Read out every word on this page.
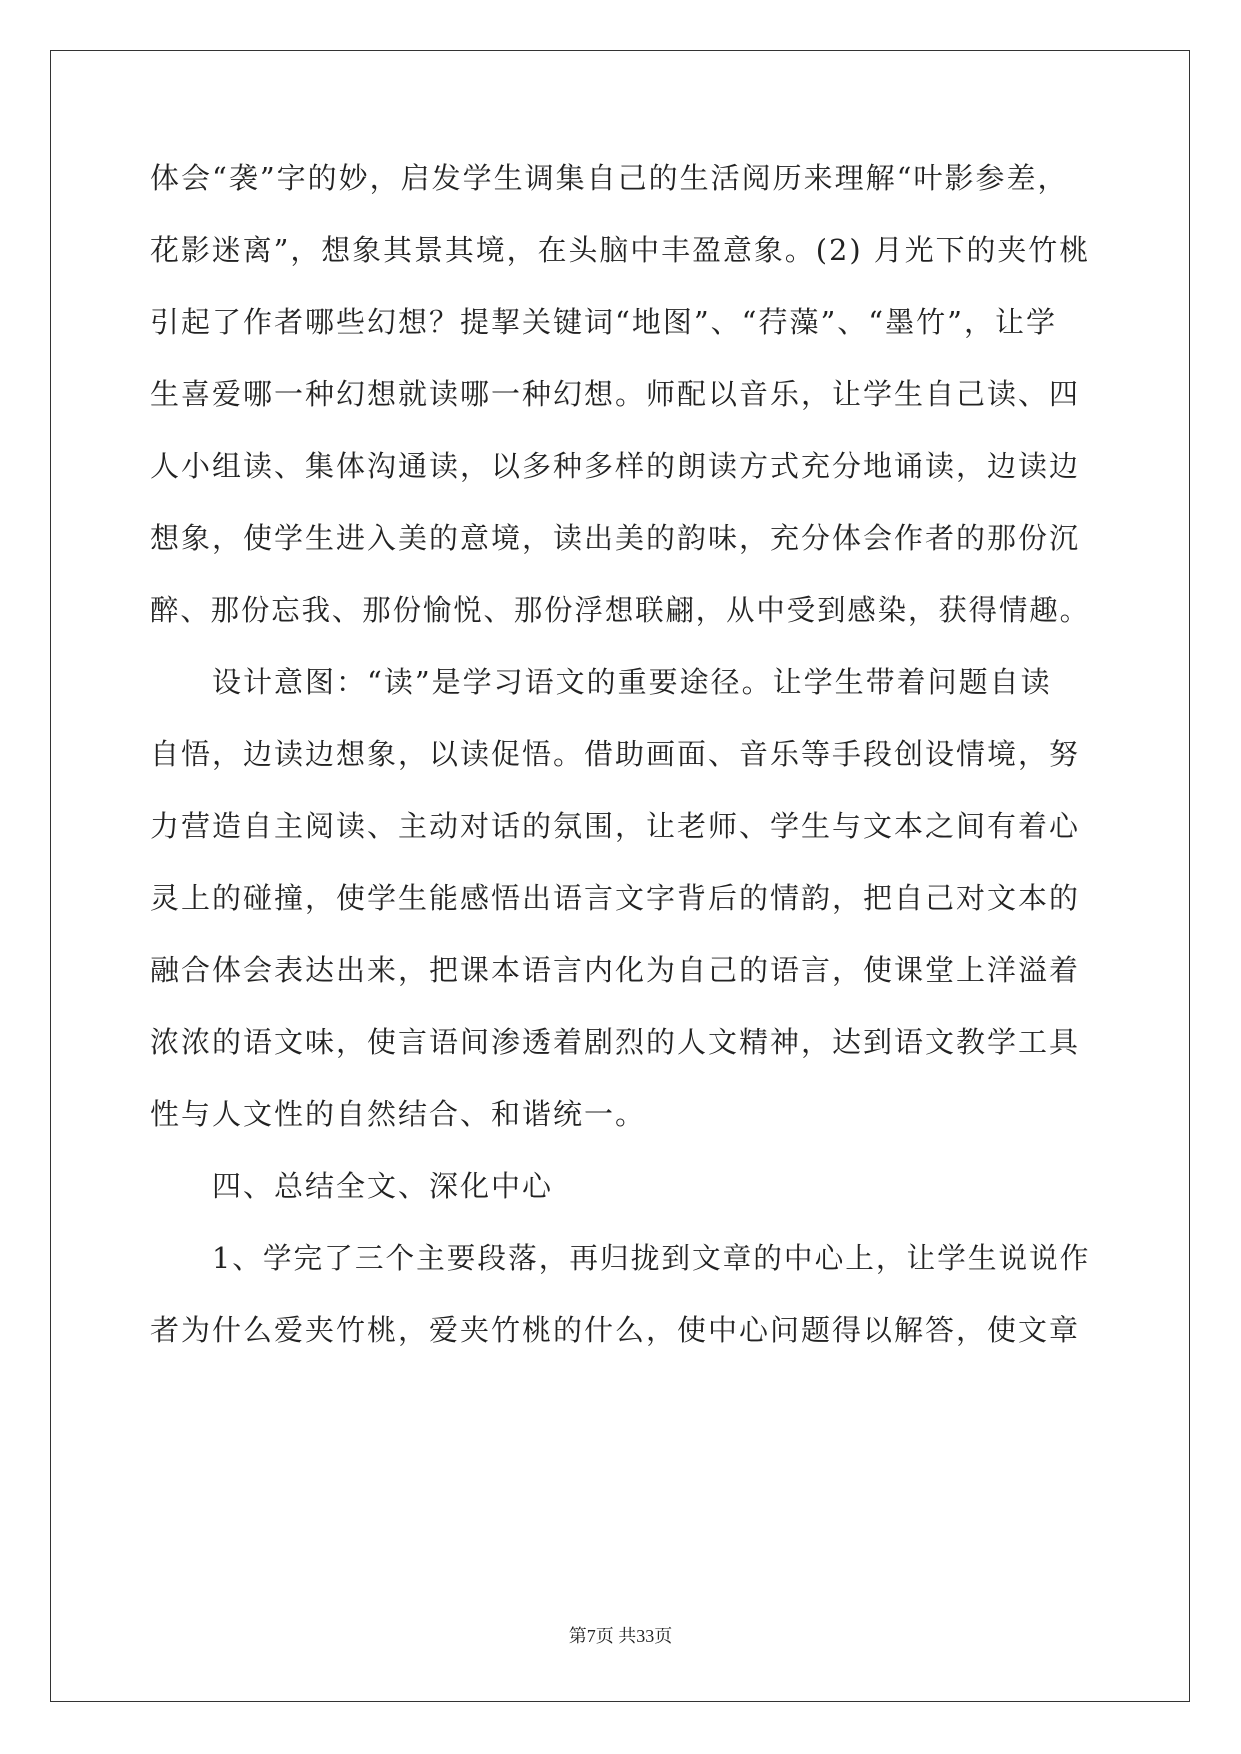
体会“袭”字的妙，启发学生调集自己的生活阅历来理解“叶影参差，
花影迷离”，想象其景其境，在头脑中丰盈意象。(2) 月光下的夹竹桃
引起了作者哪些幻想？提挈关键词“地图”、“荇藻”、“墨竹”，让学
生喜爱哪一种幻想就读哪一种幻想。师配以音乐，让学生自己读、四
人小组读、集体沟通读，以多种多样的朗读方式充分地诵读，边读边
想象，使学生进入美的意境，读出美的韵味，充分体会作者的那份沉
醉、那份忘我、那份愉悦、那份浮想联翩，从中受到感染，获得情趣。
设计意图：“读”是学习语文的重要途径。让学生带着问题自读
自悟，边读边想象，以读促悟。借助画面、音乐等手段创设情境，努
力营造自主阅读、主动对话的氛围，让老师、学生与文本之间有着心
灵上的碰撞，使学生能感悟出语言文字背后的情韵，把自己对文本的
融合体会表达出来，把课本语言内化为自己的语言，使课堂上洋溢着
浓浓的语文味，使言语间渗透着剧烈的人文精神，达到语文教学工具
性与人文性的自然结合、和谐统一。
四、总结全文、深化中心
1、学完了三个主要段落，再归拢到文章的中心上，让学生说说作
者为什么爱夹竹桃，爱夹竹桃的什么，使中心问题得以解答，使文章
第7页 共33页
